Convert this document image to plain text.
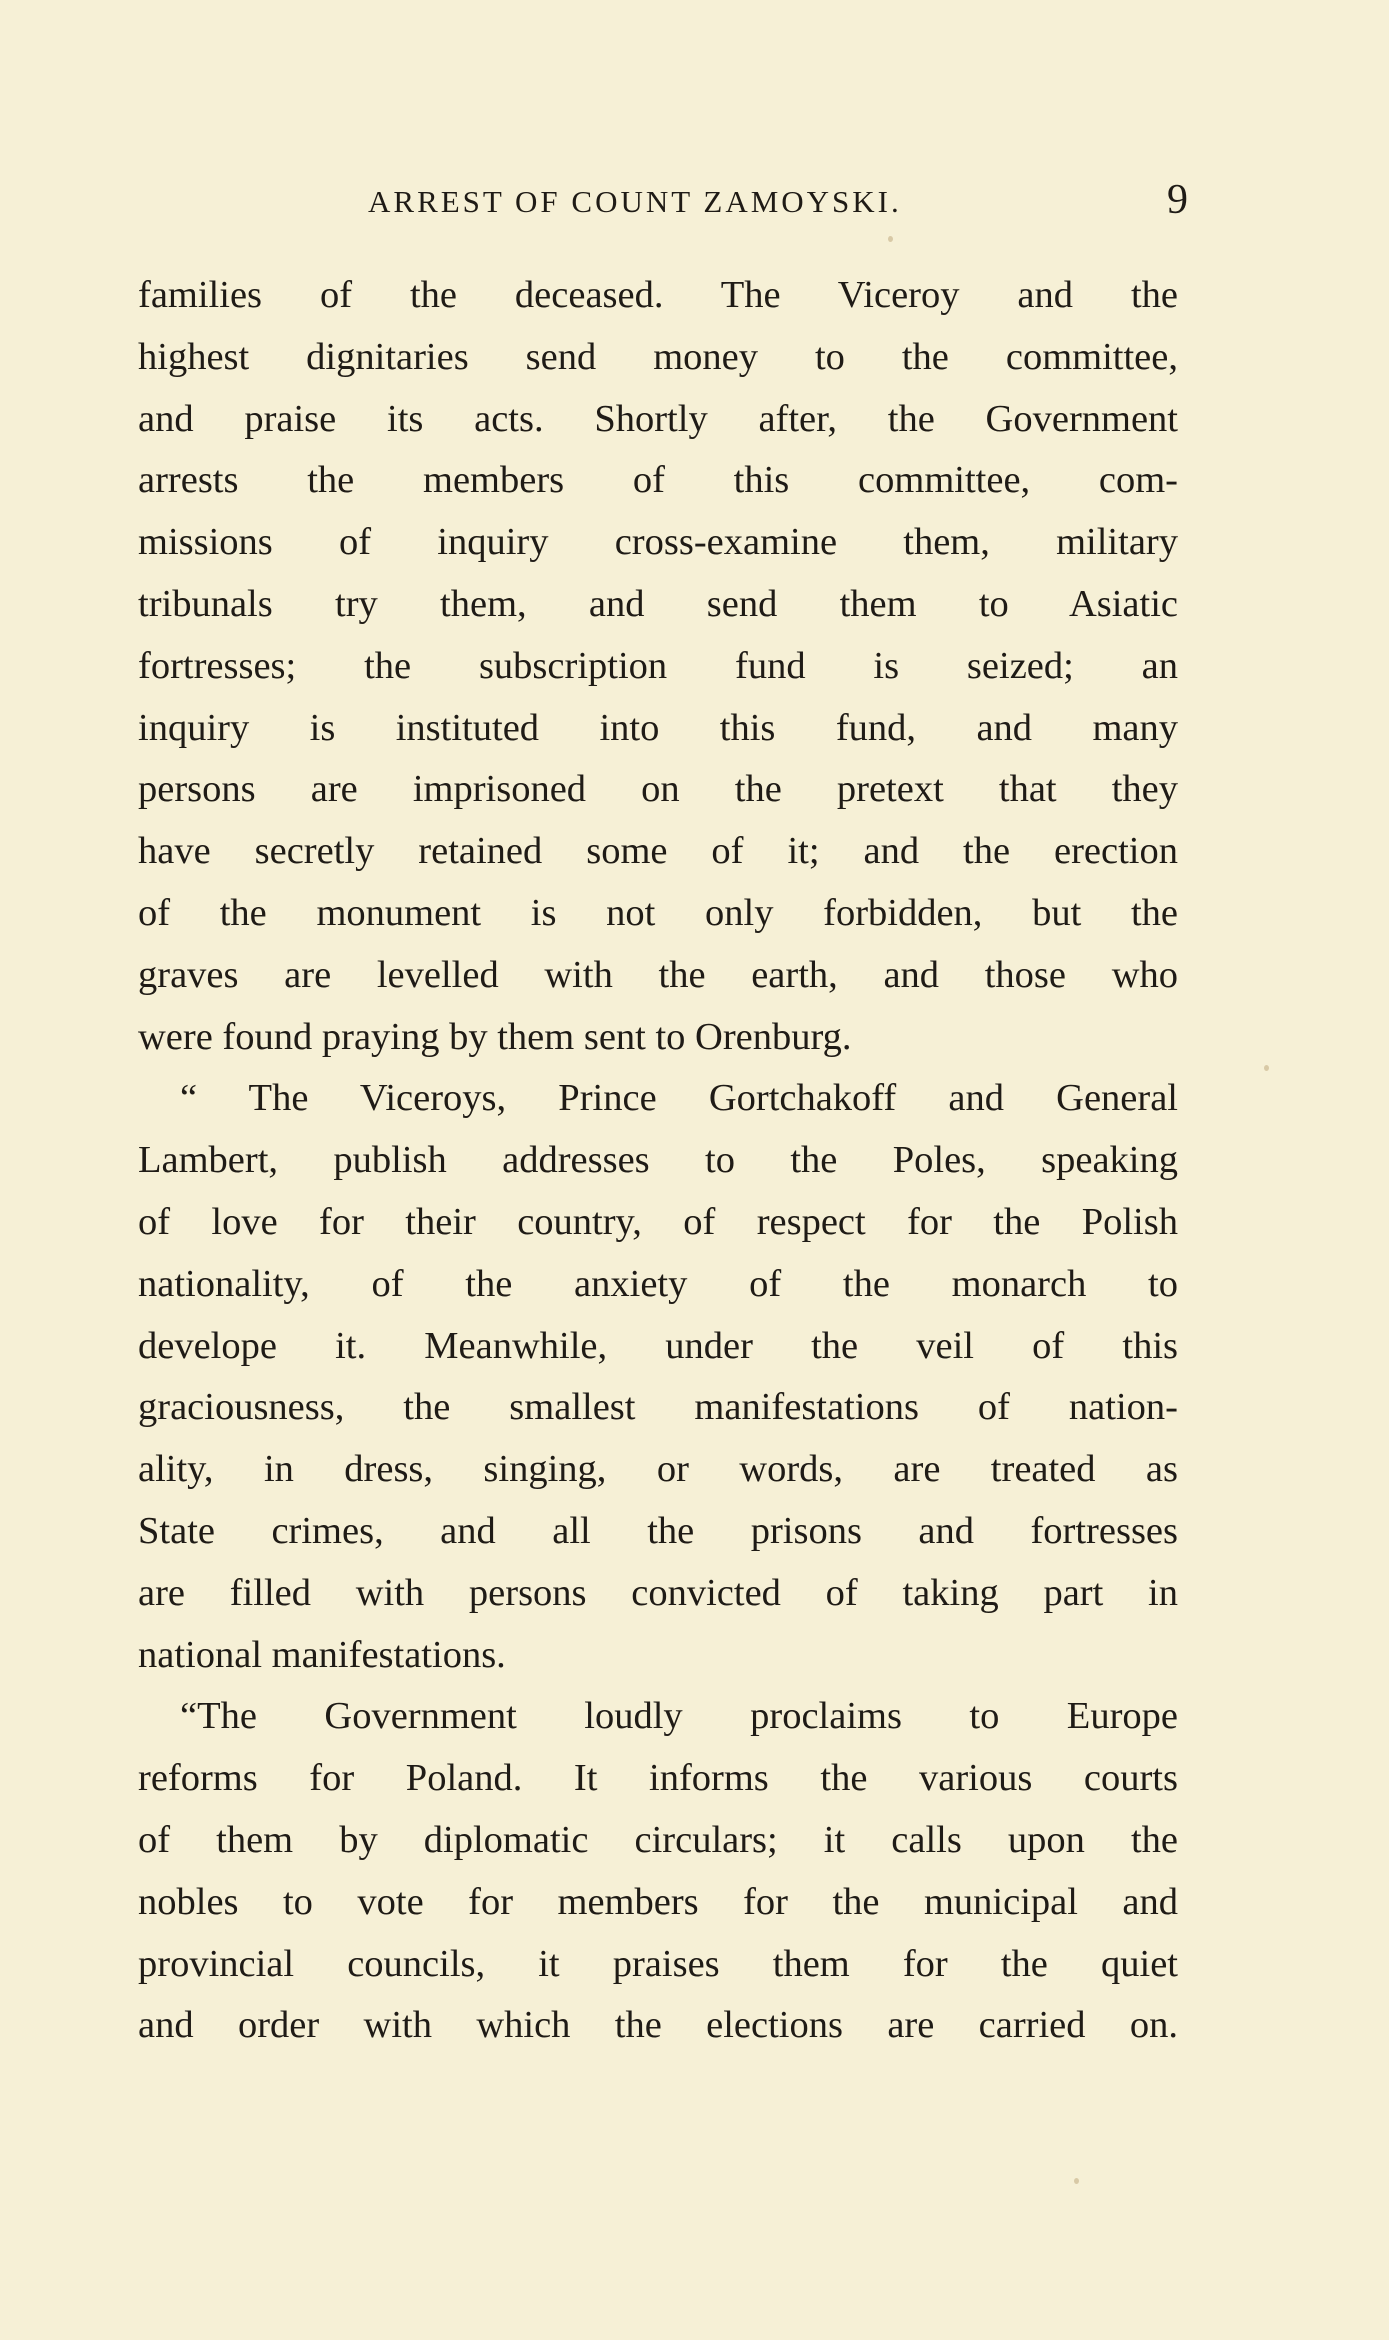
ARREST OF COUNT ZAMOYSKI.	9
families of the deceased. The Viceroy and the
highest dignitaries send money to the committee,
and praise its acts. Shortly after, the Government
arrests the members of this committee, com-
missions of inquiry cross-examine them, military
tribunals try them, and send them to Asiatic
fortresses; the subscription fund is seized; an
inquiry is instituted into this fund, and many
persons are imprisoned on the pretext that they
have secretly retained some of it; and the erection
of the monument is not only forbidden, but the
graves are levelled with the earth, and those who
were found praying by them sent to Orenburg.
“ The Viceroys, Prince Gortchakoff and General
Lambert, publish addresses to the Poles, speaking
of love for their country, of respect for the Polish
nationality, of the anxiety of the monarch to
develope it. Meanwhile, under the veil of this
graciousness, the smallest manifestations of nation-
ality, in dress, singing, or words, are treated as
State crimes, and all the prisons and fortresses
are filled with persons convicted of taking part in
national manifestations.
“The Government loudly proclaims to Europe
reforms for Poland. It informs the various courts
of them by diplomatic circulars; it calls upon the
nobles to vote for members for the municipal and
provincial councils, it praises them for the quiet
and order with which the elections are carried on.
